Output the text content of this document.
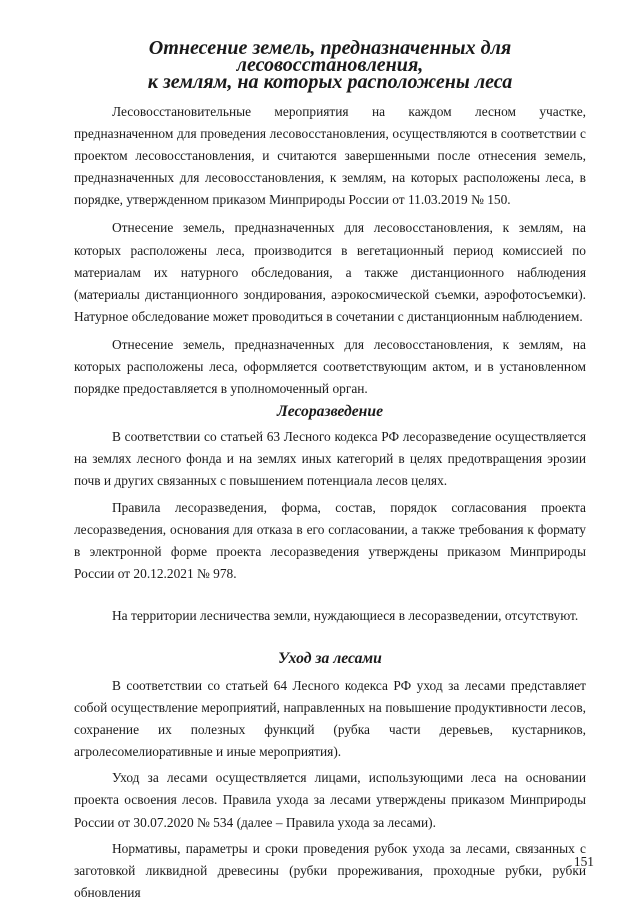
Отнесение земель, предназначенных для лесовосстановления,
к землям, на которых расположены леса

Лесовосстановительные мероприятия на каждом лесном участке, предназначенном для проведения лесовосстановления, осуществляются в соответствии с проектом лесовосстановления, и считаются завершенными после отнесения земель, предназначенных для лесовосстановления, к землям, на которых расположены леса, в порядке, утвержденном приказом Минприроды России от 11.03.2019 № 150.

Отнесение земель, предназначенных для лесовосстановления, к землям, на которых расположены леса, производится в вегетационный период комиссией по материалам их натурного обследования, а также дистанционного наблюдения (материалы дистанционного зондирования, аэрокосмической съемки, аэрофотосъемки). Натурное обследование может проводиться в сочетании с дистанционным наблюдением.

Отнесение земель, предназначенных для лесовосстановления, к землям, на которых расположены леса, оформляется соответствующим актом, и в установленном порядке предоставляется в уполномоченный орган.

Лесоразведение

В соответствии со статьей 63 Лесного кодекса РФ лесоразведение осуществляется на землях лесного фонда и на землях иных категорий в целях предотвращения эрозии почв и других связанных с повышением потенциала лесов целях.

Правила лесоразведения, форма, состав, порядок согласования проекта лесоразведения, основания для отказа в его согласовании, а также требования к формату в электронной форме проекта лесоразведения утверждены приказом Минприроды России от 20.12.2021 № 978.

На территории лесничества земли, нуждающиеся в лесоразведении, отсутствуют.

Уход за лесами

В соответствии со статьей 64 Лесного кодекса РФ уход за лесами представляет собой осуществление мероприятий, направленных на повышение продуктивности лесов, сохранение их полезных функций (рубка части деревьев, кустарников, агролесомелиоративные и иные мероприятия).

Уход за лесами осуществляется лицами, использующими леса на основании проекта освоения лесов. Правила ухода за лесами утверждены приказом Минприроды России от 30.07.2020 № 534 (далее – Правила ухода за лесами).

Нормативы, параметры и сроки проведения рубок ухода за лесами, связанных с заготовкой ликвидной древесины (рубки прореживания, проходные рубки, рубки обновления

151
